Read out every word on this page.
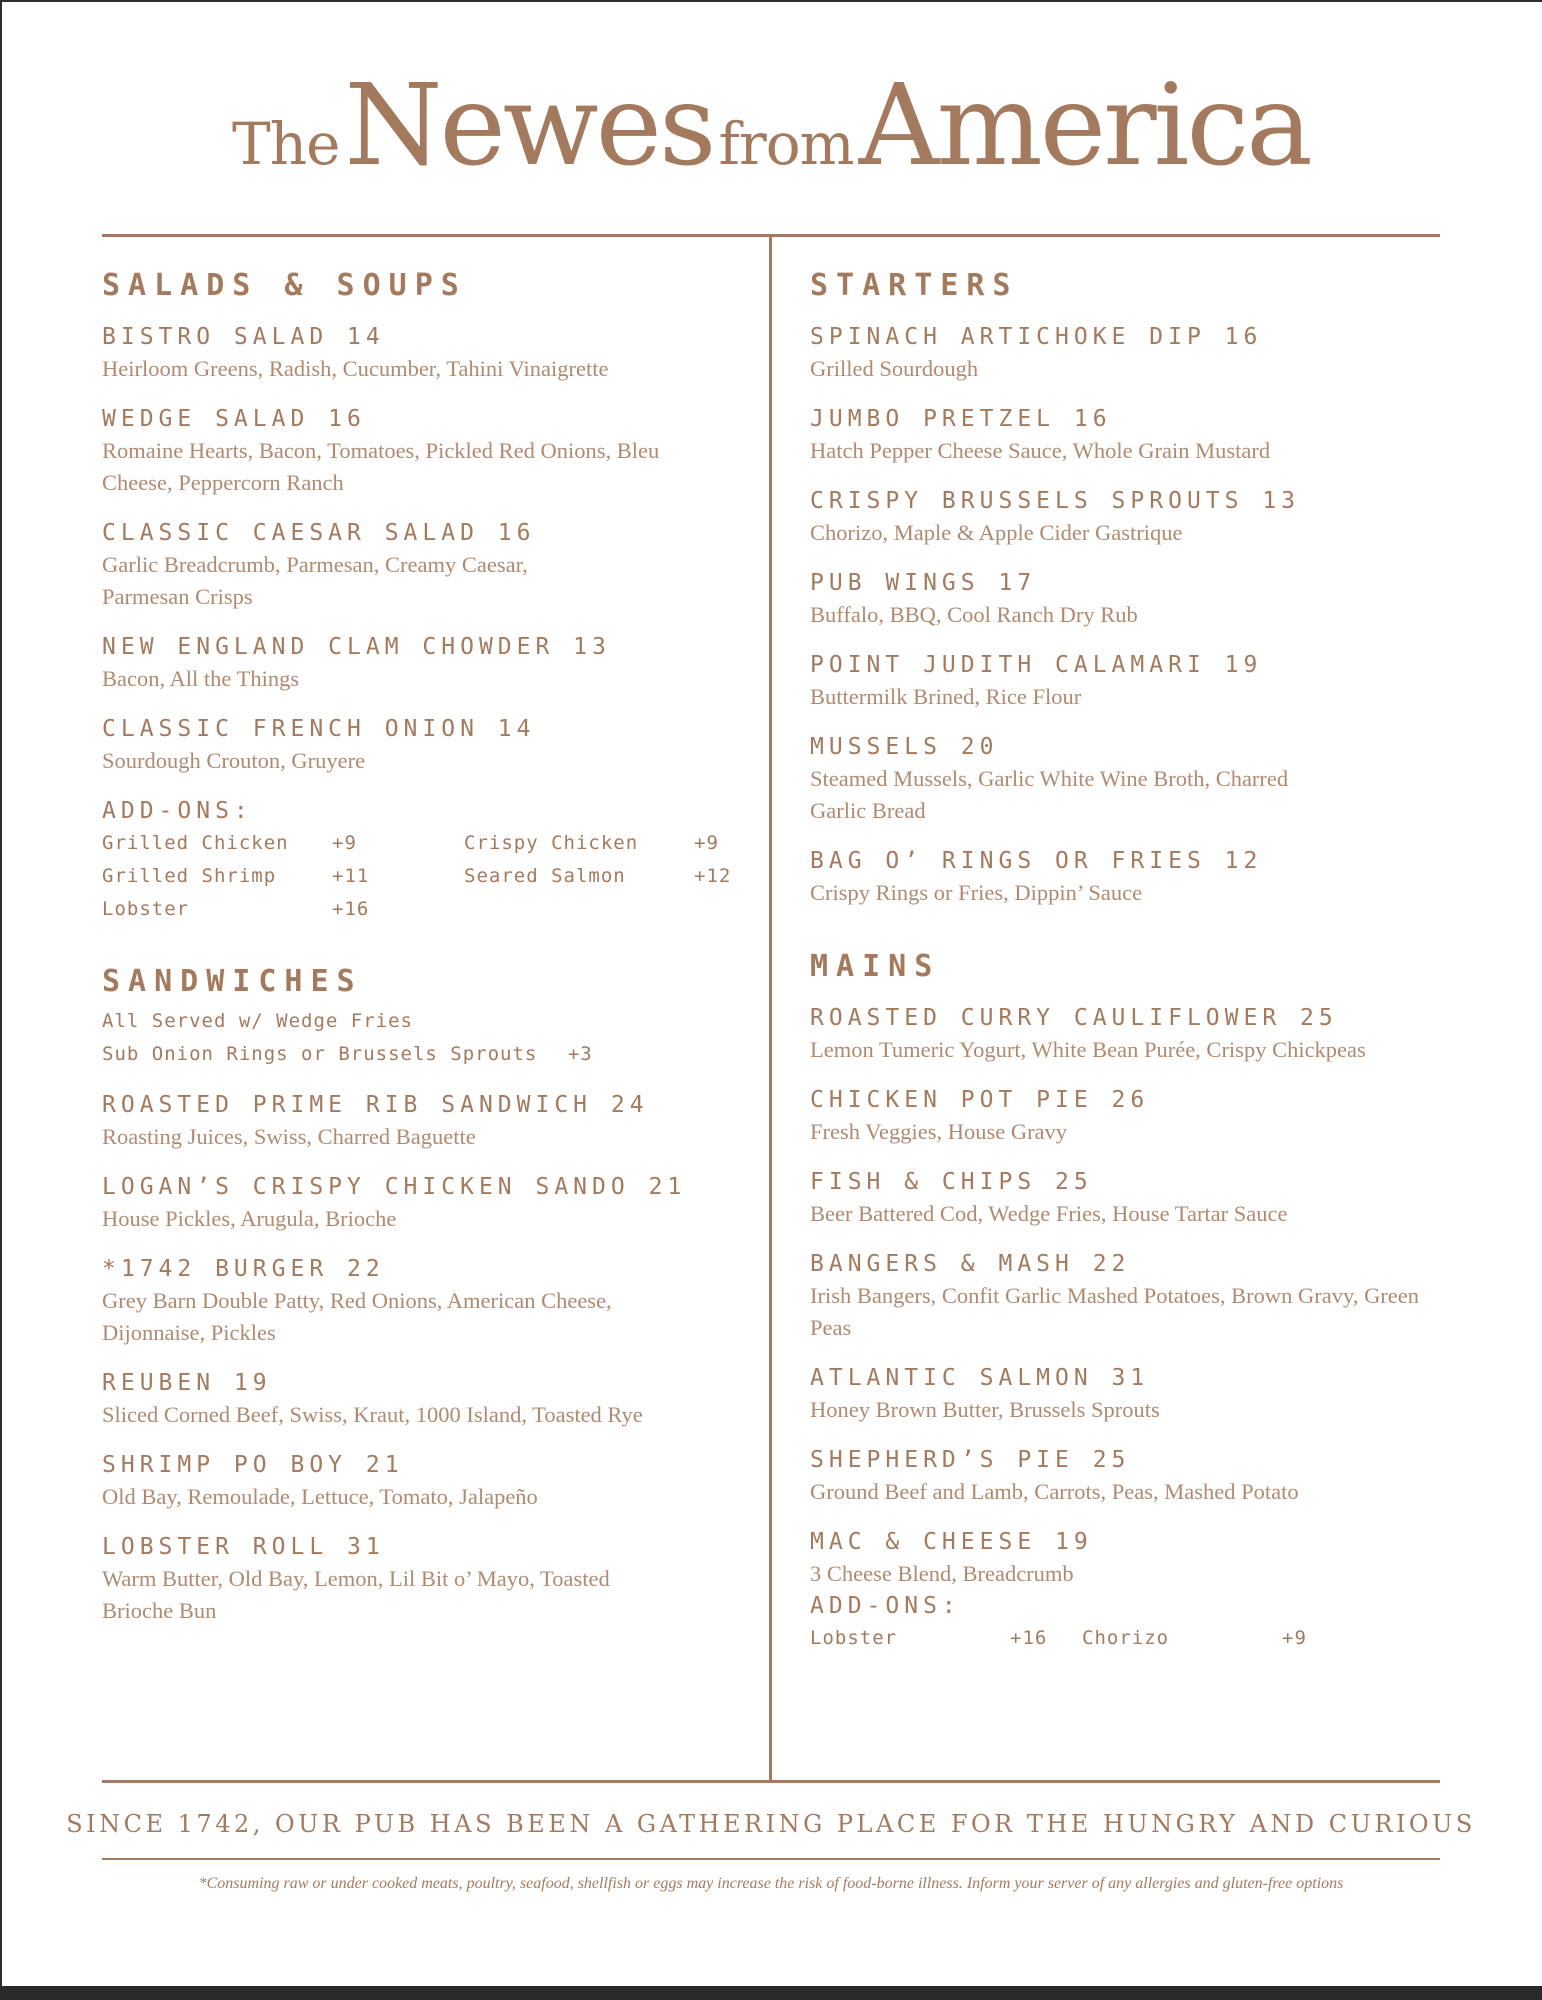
The Newes from America
SALADS & SOUPS
BISTRO SALAD 14
Heirloom Greens, Radish, Cucumber, Tahini Vinaigrette
WEDGE SALAD 16
Romaine Hearts, Bacon, Tomatoes, Pickled Red Onions, Bleu Cheese, Peppercorn Ranch
CLASSIC CAESAR SALAD 16
Garlic Breadcrumb, Parmesan, Creamy Caesar, Parmesan Crisps
NEW ENGLAND CLAM CHOWDER 13
Bacon, All the Things
CLASSIC FRENCH ONION 14
Sourdough Crouton, Gruyere
ADD-ONS:
Grilled Chicken	+9	Crispy Chicken	+9
Grilled Shrimp	+11	Seared Salmon	+12
Lobster	+16
SANDWICHES
All Served w/ Wedge Fries
Sub Onion Rings or Brussels Sprouts +3
ROASTED PRIME RIB SANDWICH 24
Roasting Juices, Swiss, Charred Baguette
LOGAN’S CRISPY CHICKEN SANDO 21
House Pickles, Arugula, Brioche
*1742 BURGER 22
Grey Barn Double Patty, Red Onions, American Cheese, Dijonnaise, Pickles
REUBEN 19
Sliced Corned Beef, Swiss, Kraut, 1000 Island, Toasted Rye
SHRIMP PO BOY 21
Old Bay, Remoulade, Lettuce, Tomato, Jalapeño
LOBSTER ROLL 31
Warm Butter, Old Bay, Lemon, Lil Bit o’ Mayo, Toasted Brioche Bun
STARTERS
SPINACH ARTICHOKE DIP 16
Grilled Sourdough
JUMBO PRETZEL 16
Hatch Pepper Cheese Sauce, Whole Grain Mustard
CRISPY BRUSSELS SPROUTS 13
Chorizo, Maple & Apple Cider Gastrique
PUB WINGS 17
Buffalo, BBQ, Cool Ranch Dry Rub
POINT JUDITH CALAMARI 19
Buttermilk Brined, Rice Flour
MUSSELS 20
Steamed Mussels, Garlic White Wine Broth, Charred Garlic Bread
BAG O’ RINGS OR FRIES 12
Crispy Rings or Fries, Dippin’ Sauce
MAINS
ROASTED CURRY CAULIFLOWER 25
Lemon Tumeric Yogurt, White Bean Purée, Crispy Chickpeas
CHICKEN POT PIE 26
Fresh Veggies, House Gravy
FISH & CHIPS 25
Beer Battered Cod, Wedge Fries, House Tartar Sauce
BANGERS & MASH 22
Irish Bangers, Confit Garlic Mashed Potatoes, Brown Gravy, Green Peas
ATLANTIC SALMON 31
Honey Brown Butter, Brussels Sprouts
SHEPHERD’S PIE 25
Ground Beef and Lamb, Carrots, Peas, Mashed Potato
MAC & CHEESE 19
3 Cheese Blend, Breadcrumb
ADD-ONS:
Lobster	+16	Chorizo	+9
SINCE 1742, OUR PUB HAS BEEN A GATHERING PLACE FOR THE HUNGRY AND CURIOUS
*Consuming raw or under cooked meats, poultry, seafood, shellfish or eggs may increase the risk of food-borne illness. Inform your server of any allergies and gluten-free options
